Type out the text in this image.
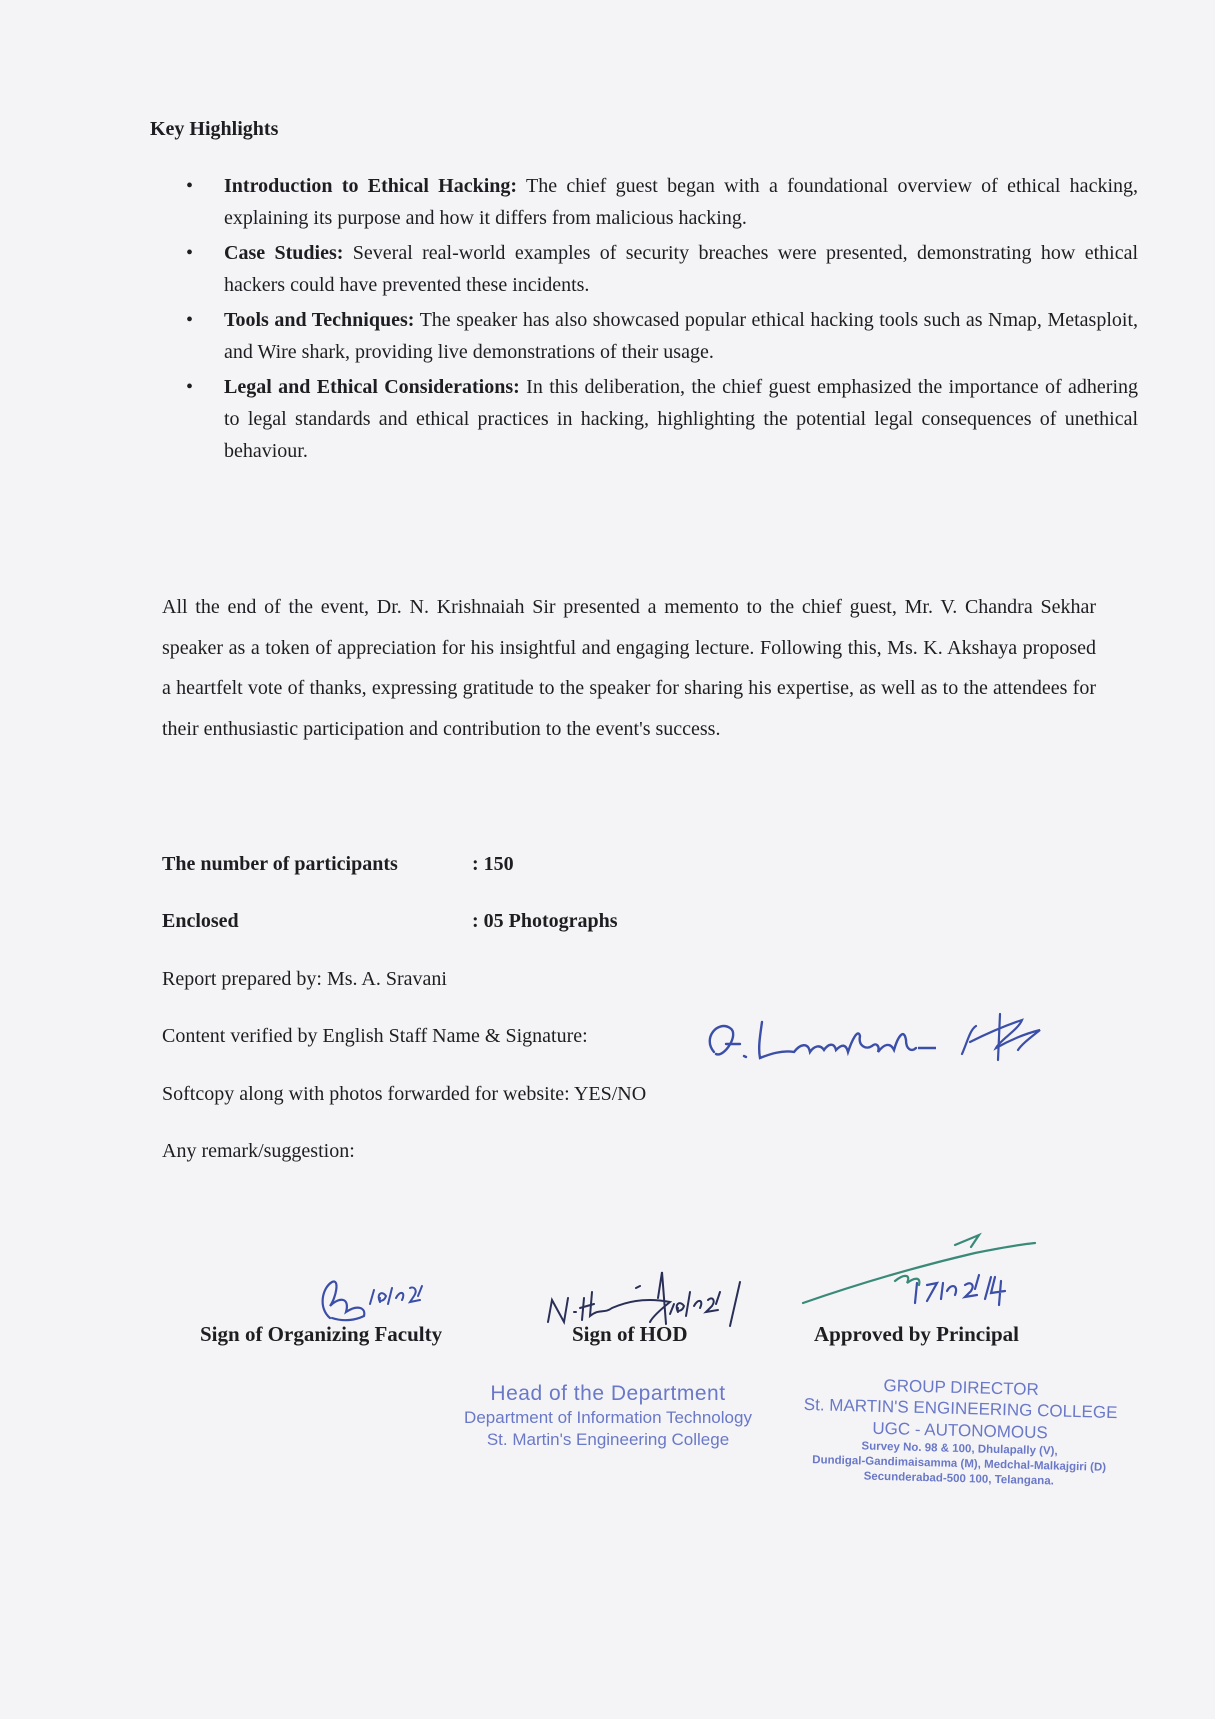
Key Highlights
• Introduction to Ethical Hacking: The chief guest began with a foundational overview of ethical hacking, explaining its purpose and how it differs from malicious hacking.
• Case Studies: Several real-world examples of security breaches were presented, demonstrating how ethical hackers could have prevented these incidents.
• Tools and Techniques: The speaker has also showcased popular ethical hacking tools such as Nmap, Metasploit, and Wire shark, providing live demonstrations of their usage.
• Legal and Ethical Considerations: In this deliberation, the chief guest emphasized the importance of adhering to legal standards and ethical practices in hacking, highlighting the potential legal consequences of unethical behaviour.

All the end of the event, Dr. N. Krishnaiah Sir presented a memento to the chief guest, Mr. V. Chandra Sekhar speaker as a token of appreciation for his insightful and engaging lecture. Following this, Ms. K. Akshaya proposed a heartfelt vote of thanks, expressing gratitude to the speaker for sharing his expertise, as well as to the attendees for their enthusiastic participation and contribution to the event's success.

The number of participants	: 150
Enclosed	: 05 Photographs
Report prepared by: Ms. A. Sravani
Content verified by English Staff Name & Signature:
Softcopy along with photos forwarded for website: YES/NO
Any remark/suggestion:
Sign of Organizing Faculty	Sign of HOD	Approved by Principal
Head of the Department
Department of Information Technology
St. Martin's Engineering College
GROUP DIRECTOR
St. MARTIN'S ENGINEERING COLLEGE
UGC - AUTONOMOUS
Survey No. 98 & 100, Dhulapally (V),
Dundigal-Gandimaisamma (M), Medchal-Malkajgiri (D)
Secunderabad-500 100, Telangana.
